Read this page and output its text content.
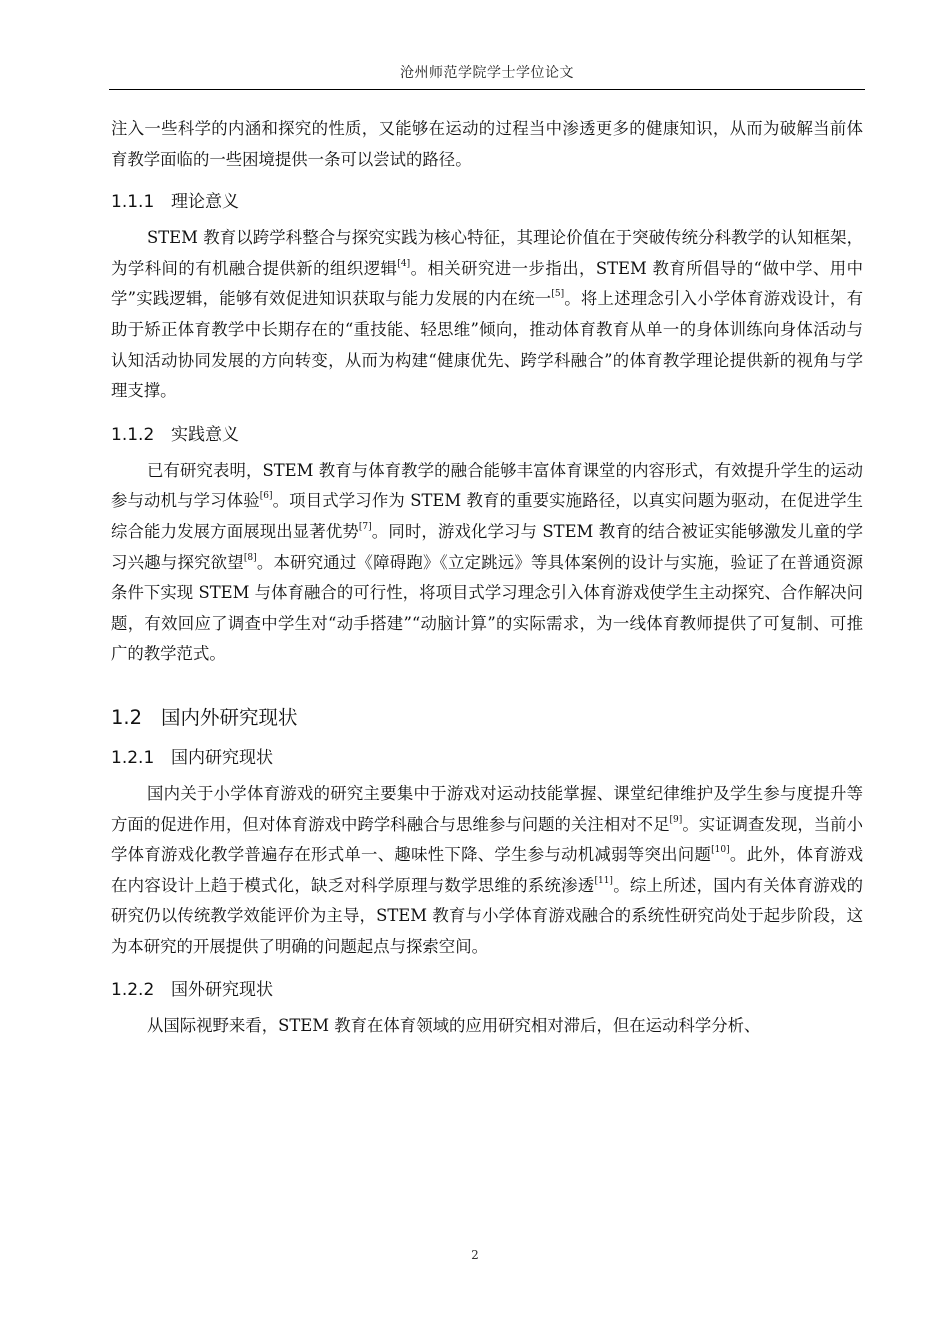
沧州师范学院学士学位论文

注入一些科学的内涵和探究的性质，又能够在运动的过程当中渗透更多的健康知识，从而为破解当前体育教学面临的一些困境提供一条可以尝试的路径。

1.1.1 理论意义

STEM 教育以跨学科整合与探究实践为核心特征，其理论价值在于突破传统分科教学的认知框架，为学科间的有机融合提供新的组织逻辑[4]。相关研究进一步指出，STEM 教育所倡导的“做中学、用中学”实践逻辑，能够有效促进知识获取与能力发展的内在统一[5]。将上述理念引入小学体育游戏设计，有助于矫正体育教学中长期存在的“重技能、轻思维”倾向，推动体育教育从单一的身体训练向身体活动与认知活动协同发展的方向转变，从而为构建“健康优先、跨学科融合”的体育教学理论提供新的视角与学理支撑。

1.1.2 实践意义

已有研究表明，STEM 教育与体育教学的融合能够丰富体育课堂的内容形式，有效提升学生的运动参与动机与学习体验[6]。项目式学习作为 STEM 教育的重要实施路径，以真实问题为驱动，在促进学生综合能力发展方面展现出显著优势[7]。同时，游戏化学习与 STEM 教育的结合被证实能够激发儿童的学习兴趣与探究欲望[8]。本研究通过《障碍跑》《立定跳远》等具体案例的设计与实施，验证了在普通资源条件下实现 STEM 与体育融合的可行性，将项目式学习理念引入体育游戏使学生主动探究、合作解决问题，有效回应了调查中学生对“动手搭建”“动脑计算”的实际需求，为一线体育教师提供了可复制、可推广的教学范式。

1.2 国内外研究现状
1.2.1 国内研究现状

国内关于小学体育游戏的研究主要集中于游戏对运动技能掌握、课堂纪律维护及学生参与度提升等方面的促进作用，但对体育游戏中跨学科融合与思维参与问题的关注相对不足[9]。实证调查发现，当前小学体育游戏化教学普遍存在形式单一、趣味性下降、学生参与动机减弱等突出问题[10]。此外，体育游戏在内容设计上趋于模式化，缺乏对科学原理与数学思维的系统渗透[11]。综上所述，国内有关体育游戏的研究仍以传统教学效能评价为主导，STEM 教育与小学体育游戏融合的系统性研究尚处于起步阶段，这为本研究的开展提供了明确的问题起点与探索空间。

1.2.2 国外研究现状

从国际视野来看，STEM 教育在体育领域的应用研究相对滞后，但在运动科学分析、

2
